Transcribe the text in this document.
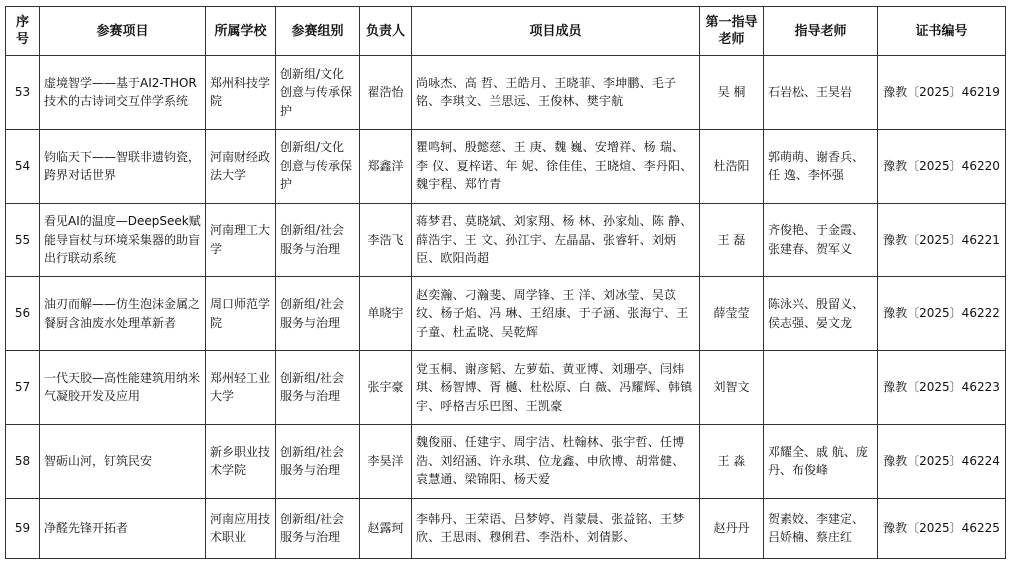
序号	参赛项目	所属学校	参赛组别	负责人	项目成员	第一指导老师	指导老师	证书编号
53	虚境智学——基于AI2-THOR技术的古诗词交互伴学系统	郑州科技学院	创新组/文化创意与传承保护	翟浩怡	尚咏杰、高 哲、王皓月、王晓菲、李坤鹏、毛子铭、李琪文、兰思远、王俊林、樊宇航	吴 桐	石岩松、王昊岩	豫教〔2025〕46219
54	钧临天下——智联非遗钧瓷，跨界对话世界	河南财经政法大学	创新组/文化创意与传承保护	郑鑫洋	瞿鸣轲、殷懿慈、王 庚、魏 巍、安增祥、杨 瑞、李 仪、夏梓诺、年 妮、徐佳佳、王晓煊、李丹阳、魏宇程、郑竹青	杜浩阳	郭萌萌、谢香兵、任 逸、李怀强	豫教〔2025〕46220
55	看见AI的温度—DeepSeek赋能导盲杖与环境采集器的助盲出行联动系统	河南理工大学	创新组/社会服务与治理	李浩飞	蒋梦君、莫晓斌、刘家翔、杨 林、孙家灿、陈 静、薛浩宇、王 文、孙江宇、左晶晶、张睿轩、刘炳臣、欧阳尚超	王 磊	齐俊艳、于金霞、张建春、贺军义	豫教〔2025〕46221
56	油刃而解——仿生泡沫金属之餐厨含油废水处理革新者	周口师范学院	创新组/社会服务与治理	单晓宇	赵奕瀚、刁瀚斐、周学锋、王 洋、刘冰莹、吴苡纹、杨子焰、冯 琳、王绍康、于子涵、张海宁、王子童、杜孟晓、吴乾辉	薛莹莹	陈泳兴、殷留义、侯志强、晏文龙	豫教〔2025〕46222
57	一代天胶—高性能建筑用纳米气凝胶开发及应用	郑州轻工业大学	创新组/社会服务与治理	张宇豪	党玉桐、谢彦韬、左萝茹、黄亚博、刘珊亭、闫炜琪、杨智博、胥 樾、杜松原、白 薇、冯耀辉、韩镇宇、呼格吉乐巴图、王凯豪	刘智文		豫教〔2025〕46223
58	智砺山河，钉筑民安	新乡职业技术学院	创新组/社会服务与治理	李昊洋	魏俊丽、任建宇、周宇洁、杜翰林、张宇哲、任博浩、刘绍涵、许永琪、位龙鑫、申欣博、胡常健、袁慧通、梁锦阳、杨天爱	王 淼	邓耀全、戚 航、庞 丹、布俊峰	豫教〔2025〕46224
59	净醛先锋开拓者	河南应用技术职业	创新组/社会服务与治理	赵露珂	李韩丹、王荣语、吕梦婷、肖蒙晨、张益铭、王梦欣、王思雨、穆俐君、李浩朴、刘倩影、	赵丹丹	贺素姣、李建定、吕娇楠、蔡庄红	豫教〔2025〕46225
